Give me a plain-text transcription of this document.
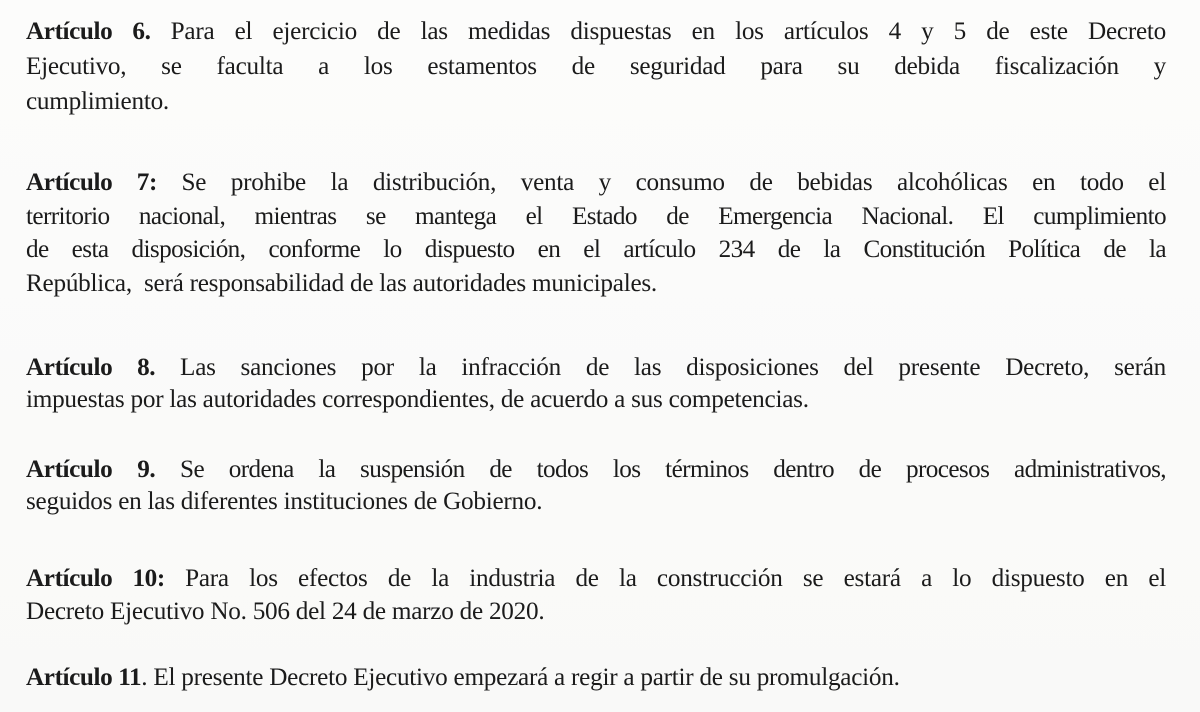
Artículo 6. Para el ejercicio de las medidas dispuestas en los artículos 4 y 5 de este Decreto
Ejecutivo, se faculta a los estamentos de seguridad para su debida fiscalización y
cumplimiento.
Artículo 7: Se prohibe la distribución, venta y consumo de bebidas alcohólicas en todo el
territorio nacional, mientras se mantega el Estado de Emergencia Nacional. El cumplimiento
de esta disposición, conforme lo dispuesto en el artículo 234 de la Constitución Política de la
República,  será responsabilidad de las autoridades municipales.
Artículo 8. Las sanciones por la infracción de las disposiciones del presente Decreto, serán
impuestas por las autoridades correspondientes, de acuerdo a sus competencias.
Artículo 9. Se ordena la suspensión de todos los términos dentro de procesos administrativos,
seguidos en las diferentes instituciones de Gobierno.
Artículo 10: Para los efectos de la industria de la construcción se estará a lo dispuesto en el
Decreto Ejecutivo No. 506 del 24 de marzo de 2020.
Artículo 11. El presente Decreto Ejecutivo empezará a regir a partir de su promulgación.
